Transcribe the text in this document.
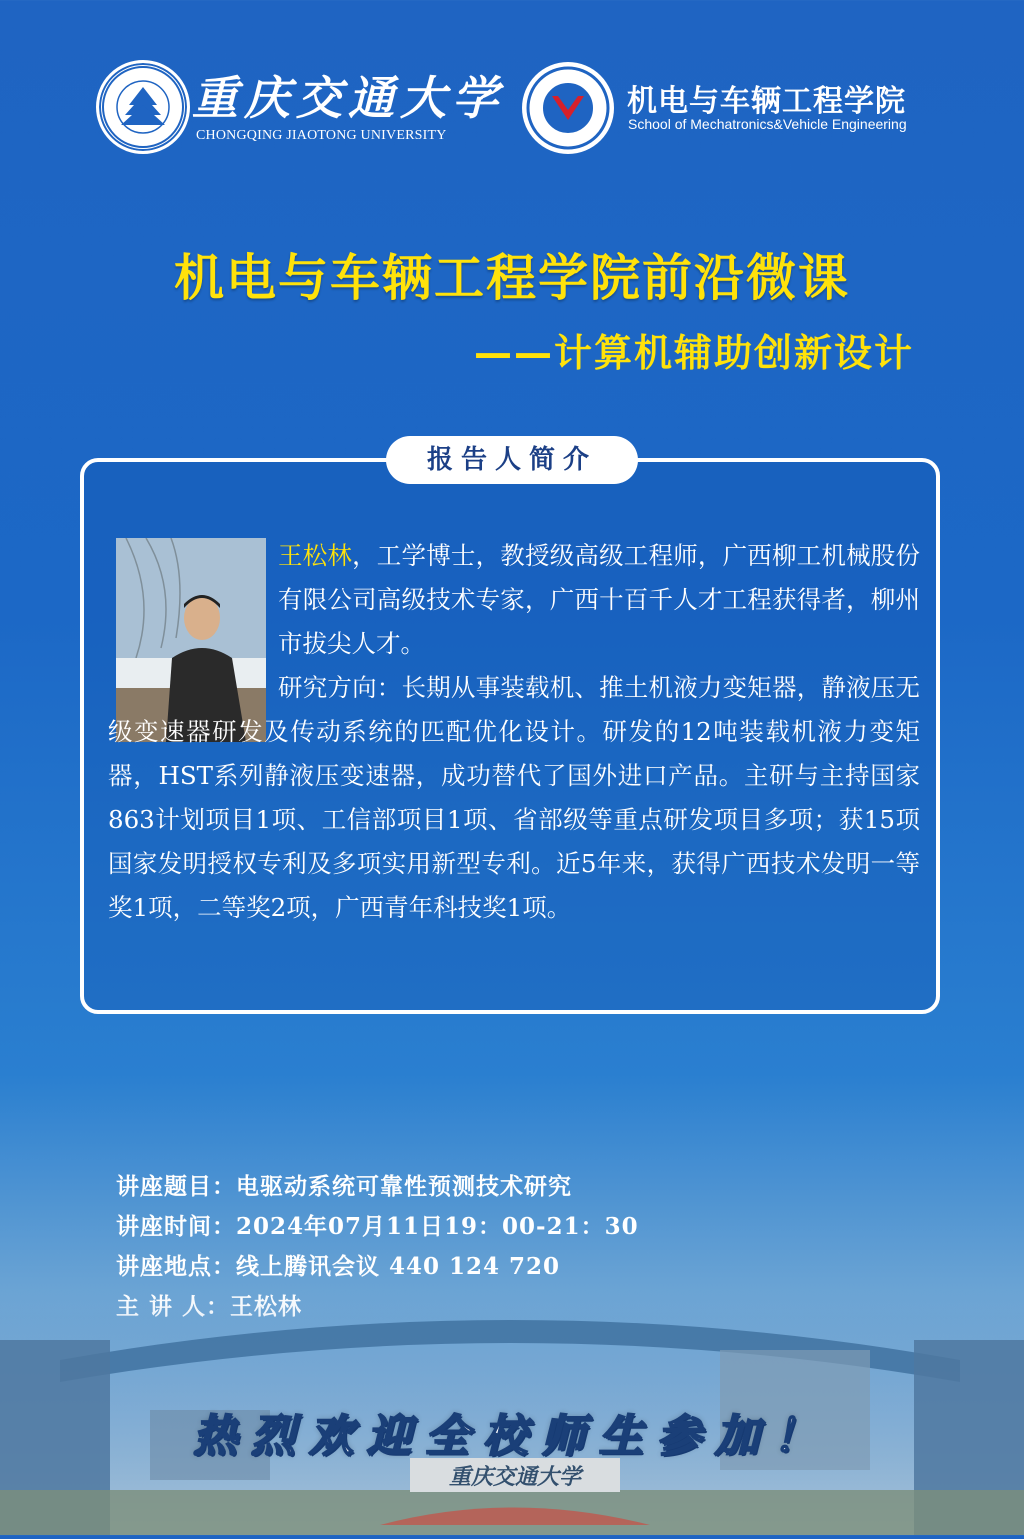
重庆交通大学
CHONGQING JIAOTONG UNIVERSITY
机电与车辆工程学院
School of Mechatronics&Vehicle Engineering
机电与车辆工程学院前沿微课
——计算机辅助创新设计
报告人简介
王松林，工学博士，教授级高级工程师，广西柳工机械股份有限公司高级技术专家，广西十百千人才工程获得者，柳州市拔尖人才。
研究方向：长期从事装载机、推土机液力变矩器，静液压无级变速器研发及传动系统的匹配优化设计。研发的12吨装载机液力变矩器，HST系列静液压变速器，成功替代了国外进口产品。主研与主持国家863计划项目1项、工信部项目1项、省部级等重点研发项目多项；获15项国家发明授权专利及多项实用新型专利。近5年来，获得广西技术发明一等奖1项，二等奖2项，广西青年科技奖1项。
讲座题目：电驱动系统可靠性预测技术研究
讲座时间：2024年07月11日19：00-21：30
讲座地点：线上腾讯会议 440 124 720
重庆交通大学
热烈欢迎全校师生参加！
